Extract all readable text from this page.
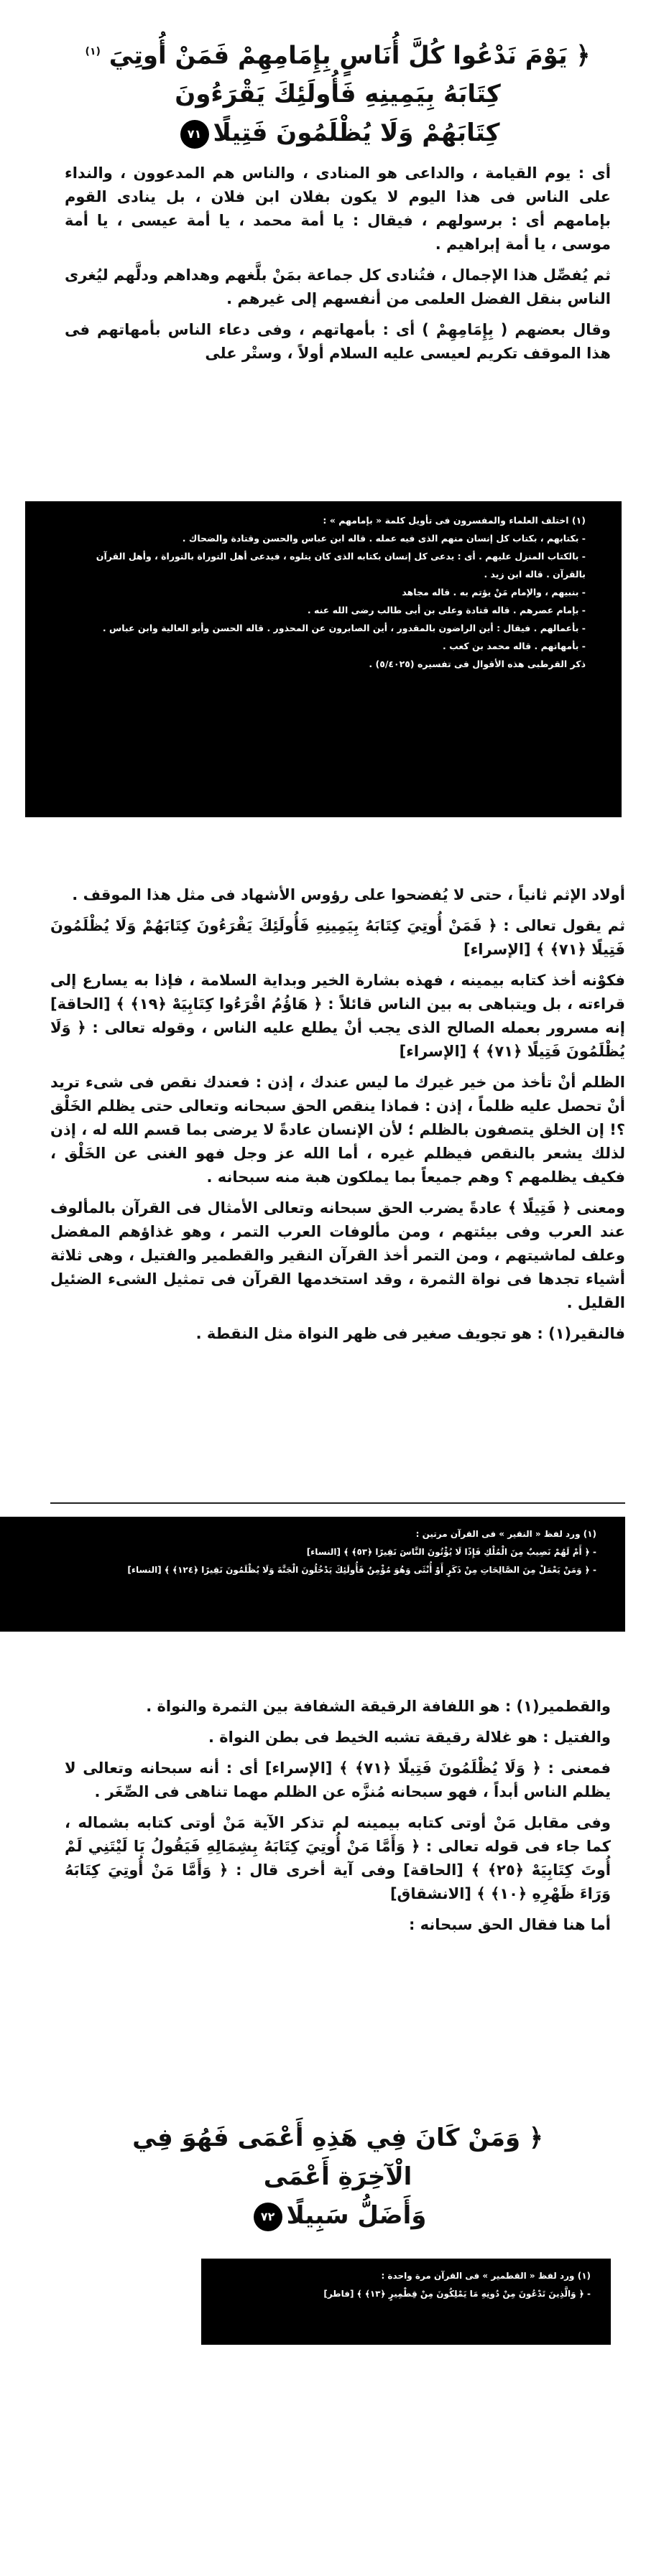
﴿ يَوْمَ نَدْعُوا كُلَّ أُنَاسٍ بِإِمَامِهِمْ فَمَنْ أُوتِيَ $^{(١)}$

كِتَابَهُ بِيَمِينِهِ فَأُولَئِكَ يَقْرَءُونَ

كِتَابَهُمْ وَلَا يُظْلَمُونَ فَتِيلًا٧١

أى : يوم القيامة ، والداعى هو المنادى ، والناس هم المدعوون ، والنداء على الناس فى هذا اليوم لا يكون بفلان ابن فلان ، بل ينادى القوم بإمامهم أى : برسولهم ، فيقال : يا أمة محمد ، يا أمة عيسى ، يا أمة موسى ، يا أمة إبراهيم .

ثم يُفصِّل هذا الإجمال ، فتُنادى كل جماعة بمَنْ بلَّغهم وهداهم ودلَّهم ليُغرى الناس بنقل الفضل العلمى من أنفسهم إلى غيرهم .

وقال بعضهم ( بِإِمَامِهِمْ ) أى : بأمهاتهم ، وفى دعاء الناس بأمهاتهم فى هذا الموقف تكريم لعيسى عليه السلام أولاً ، وستْر على

(١) اختلف العلماء والمفسرون فى تأويل كلمة « بإمامهم » :

- بكتابهم ، بكتاب كل إنسان منهم الذى فيه عمله . قاله ابن عباس والحسن وقتادة والضحاك .

- بالكتاب المنزل عليهم . أى : يدعى كل إنسان بكتابه الذى كان يتلوه ، فيدعى أهل التوراة بالتوراة ، وأهل القرآن بالقرآن . قاله ابن زيد .

- بنبيهم ، والإمام مَنْ يؤتم به . قاله مجاهد

- بإمام عصرهم . قاله قتادة وعلى بن أبى طالب رضى الله عنه .

- بأعمالهم . فيقال : أين الراضون بالمقدور ، أين الصابرون عن المحذور . قاله الحسن وأبو العالية وابن عباس .

- بأمهاتهم . قاله محمد بن كعب .

ذكر القرطبى هذه الأقوال فى تفسيره (٥/٤٠٢٥) .

أولاد الإثم ثانياً ، حتى لا يُفضحوا على رؤوس الأشهاد فى مثل هذا الموقف .

ثم يقول تعالى : ﴿ فَمَنْ أُوتِيَ كِتَابَهُ بِيَمِينِهِ فَأُولَئِكَ يَقْرَءُونَ كِتَابَهُمْ وَلَا يُظْلَمُونَ فَتِيلًا ﴿٧١﴾ ﴾ [الإسراء]

فكوْنه أخذ كتابه بيمينه ، فهذه بشارة الخير وبداية السلامة ، فإذا به يسارع إلى قراءته ، بل ويتباهى به بين الناس قائلاً : ﴿ هَاؤُمُ اقْرَءُوا كِتَابِيَهْ ﴿١٩﴾ ﴾ [الحاقة] إنه مسرور بعمله الصالح الذى يجب أنْ يطلع عليه الناس ، وقوله تعالى : ﴿ وَلَا يُظْلَمُونَ فَتِيلًا ﴿٧١﴾ ﴾ [الإسراء]

الظلم أنْ تأخذ من خير غيرك ما ليس عندك ، إذن : فعندك نقص فى شىء تريد أنْ تحصل عليه ظلماً ، إذن : فماذا ينقص الحق سبحانه وتعالى حتى يظلم الخَلْق ؟! إن الخلق يتصفون بالظلم ؛ لأن الإنسان عادةً لا يرضى بما قسم الله له ، إذن لذلك يشعر بالنقص فيظلم غيره ، أما الله عز وجل فهو الغنى عن الخَلْق ، فكيف يظلمهم ؟ وهم جميعاً بما يملكون هبة منه سبحانه .

ومعنى ﴿ فَتِيلًا ﴾ عادةً يضرب الحق سبحانه وتعالى الأمثال فى القرآن بالمألوف عند العرب وفى بيئتهم ، ومن مألوفات العرب التمر ، وهو غذاؤهم المفضل وعلف لماشيتهم ، ومن التمر أخذ القرآن النقير والقطمير والفتيل ، وهى ثلاثة أشياء تجدها فى نواة الثمرة ، وقد استخدمها القرآن فى تمثيل الشىء الضئيل القليل .

فالنقير(١) : هو تجويف صغير فى ظهر النواة مثل النقطة .

(١) ورد لفظ « النقير » فى القرآن مرتين :

- ﴿ أَمْ لَهُمْ نَصِيبٌ مِنَ الْمُلْكِ فَإِذًا لَا يُؤْتُونَ النَّاسَ نَقِيرًا ﴿٥٣﴾ ﴾ [النساء]

- ﴿ وَمَنْ يَعْمَلْ مِنَ الصَّالِحَاتِ مِنْ ذَكَرٍ أَوْ أُنْثَى وَهُوَ مُؤْمِنٌ فَأُولَئِكَ يَدْخُلُونَ الْجَنَّةَ وَلَا يُظْلَمُونَ نَقِيرًا ﴿١٢٤﴾ ﴾ [النساء]

والقطمير(١) : هو اللفافة الرقيقة الشفافة بين الثمرة والنواة .

والفتيل : هو غلالة رقيقة تشبه الخيط فى بطن النواة .

فمعنى : ﴿ وَلَا يُظْلَمُونَ فَتِيلًا ﴿٧١﴾ ﴾ [الإسراء] أى : أنه سبحانه وتعالى لا يظلم الناس أبداً ، فهو سبحانه مُنزَّه عن الظلم مهما تناهى فى الصِّغَر .

وفى مقابل مَنْ أوتى كتابه بيمينه لم تذكر الآية مَنْ أوتى كتابه بشماله ، كما جاء فى قوله تعالى : ﴿ وَأَمَّا مَنْ أُوتِيَ كِتَابَهُ بِشِمَالِهِ فَيَقُولُ يَا لَيْتَنِي لَمْ أُوتَ كِتَابِيَهْ ﴿٢٥﴾ ﴾ [الحاقة] وفى آية أخرى قال : ﴿ وَأَمَّا مَنْ أُوتِيَ كِتَابَهُ وَرَاءَ ظَهْرِهِ ﴿١٠﴾ ﴾ [الانشقاق]

أما هنا فقال الحق سبحانه :

﴿ وَمَنْ كَانَ فِي هَذِهِ أَعْمَى فَهُوَ فِي الْآخِرَةِ أَعْمَى

وَأَضَلُّ سَبِيلًا٧٢

(١) ورد لفظ « القطمير » فى القرآن مرة واحدة :

- ﴿ وَالَّذِينَ تَدْعُونَ مِنْ دُونِهِ مَا يَمْلِكُونَ مِنْ قِطْمِيرٍ ﴿١٣﴾ ﴾ [فاطر]
